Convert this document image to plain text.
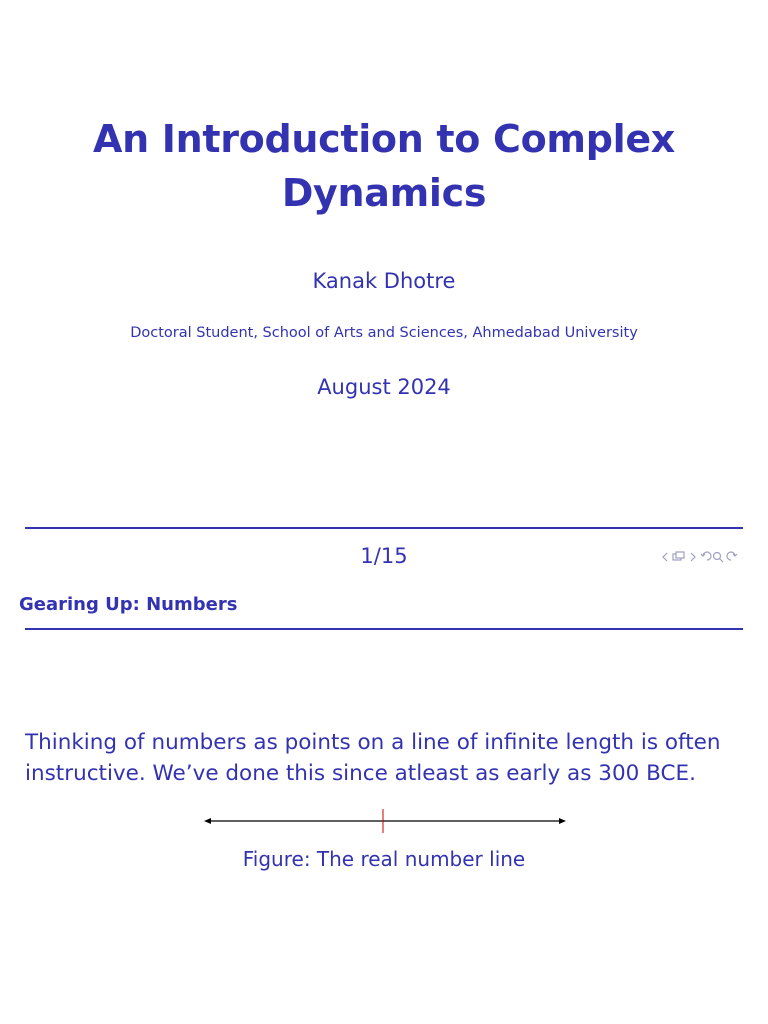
An Introduction to Complex
Dynamics
Kanak Dhotre
Doctoral Student, School of Arts and Sciences, Ahmedabad University
August 2024
1/15
Gearing Up: Numbers
Thinking of numbers as points on a line of infinite length is often
instructive. We’ve done this since atleast as early as 300 BCE.
Figure: The real number line
